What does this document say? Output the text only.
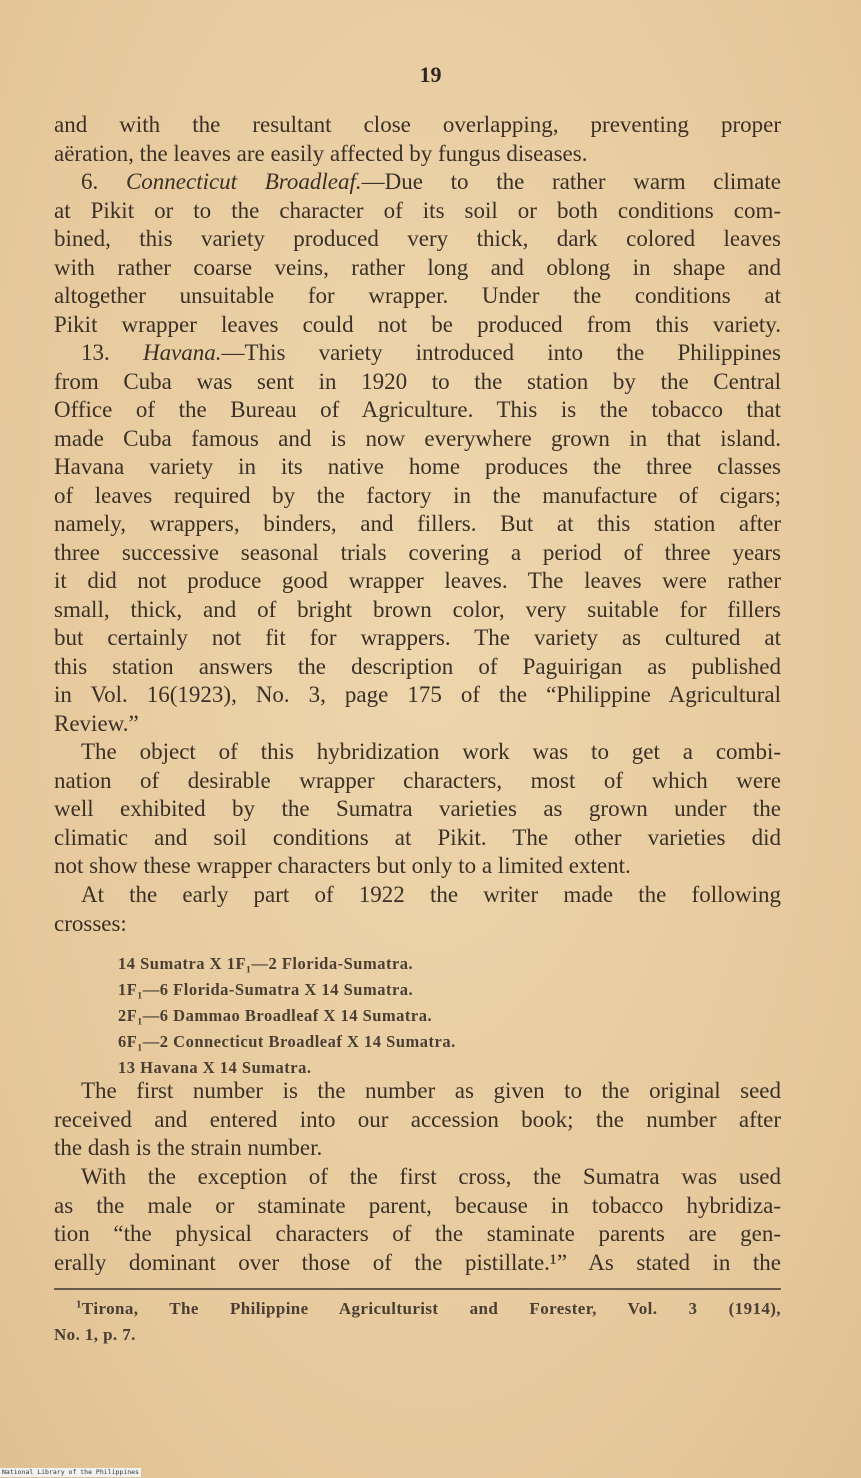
19
and with the resultant close overlapping, preventing proper
aëration, the leaves are easily affected by fungus diseases.
6. Connecticut Broadleaf.—Due to the rather warm climate
at Pikit or to the character of its soil or both conditions com-
bined, this variety produced very thick, dark colored leaves
with rather coarse veins, rather long and oblong in shape and
altogether unsuitable for wrapper. Under the conditions at
Pikit wrapper leaves could not be produced from this variety.
13. Havana.—This variety introduced into the Philippines
from Cuba was sent in 1920 to the station by the Central
Office of the Bureau of Agriculture. This is the tobacco that
made Cuba famous and is now everywhere grown in that island.
Havana variety in its native home produces the three classes
of leaves required by the factory in the manufacture of cigars;
namely, wrappers, binders, and fillers. But at this station after
three successive seasonal trials covering a period of three years
it did not produce good wrapper leaves. The leaves were rather
small, thick, and of bright brown color, very suitable for fillers
but certainly not fit for wrappers. The variety as cultured at
this station answers the description of Paguirigan as published
in Vol. 16(1923), No. 3, page 175 of the “Philippine Agricultural
Review.”
The object of this hybridization work was to get a combi-
nation of desirable wrapper characters, most of which were
well exhibited by the Sumatra varieties as grown under the
climatic and soil conditions at Pikit. The other varieties did
not show these wrapper characters but only to a limited extent.
At the early part of 1922 the writer made the following
crosses:
14 Sumatra X 1F₁—2 Florida-Sumatra.
1F₁—6 Florida-Sumatra X 14 Sumatra.
2F₁—6 Dammao Broadleaf X 14 Sumatra.
6F₁—2 Connecticut Broadleaf X 14 Sumatra.
13 Havana X 14 Sumatra.
The first number is the number as given to the original seed
received and entered into our accession book; the number after
the dash is the strain number.
With the exception of the first cross, the Sumatra was used
as the male or staminate parent, because in tobacco hybridiza-
tion “the physical characters of the staminate parents are gen-
erally dominant over those of the pistillate.¹” As stated in the
$^1$Tirona, The Philippine Agriculturist and Forester, Vol. 3 (1914),
No. 1, p. 7.
National Library of the Philippines
